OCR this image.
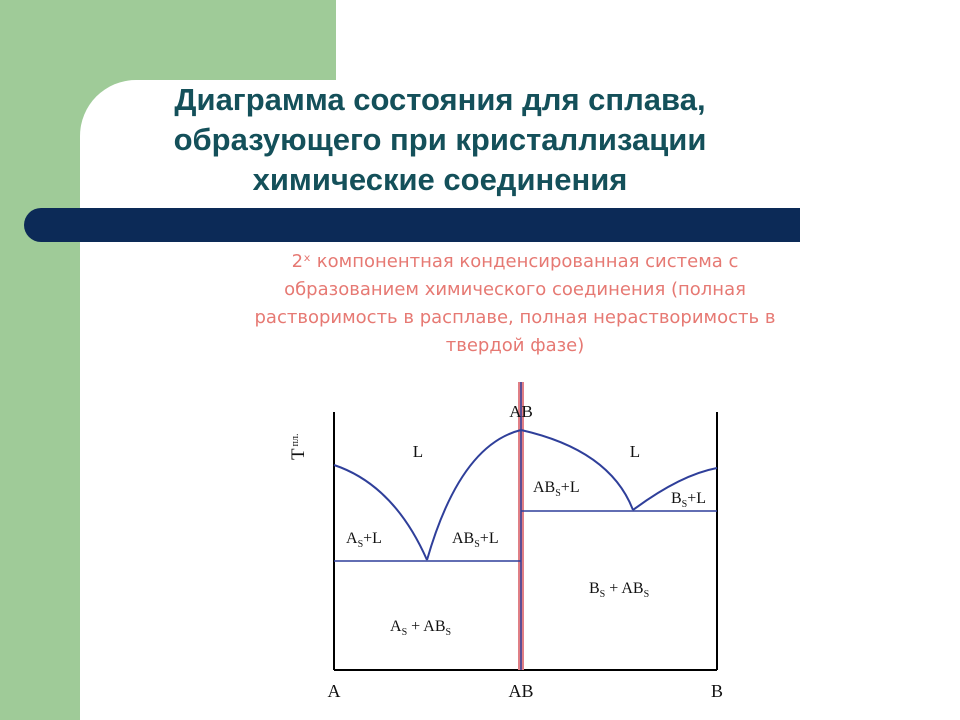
Диаграмма состояния для сплава,
образующего при кристаллизации
химические соединения
2ˣ компонентная конденсированная система с
образованием химического соединения (полная
растворимость в расплаве, полная нерастворимость в
твердой фазе)
$T^{пл.}$
AB
A	AB	B
L	L
$A_S+L$	$AB_S+L$
$AB_S+L$
$B_S+L$
$A_S + AB_S$
$B_S + AB_S$
